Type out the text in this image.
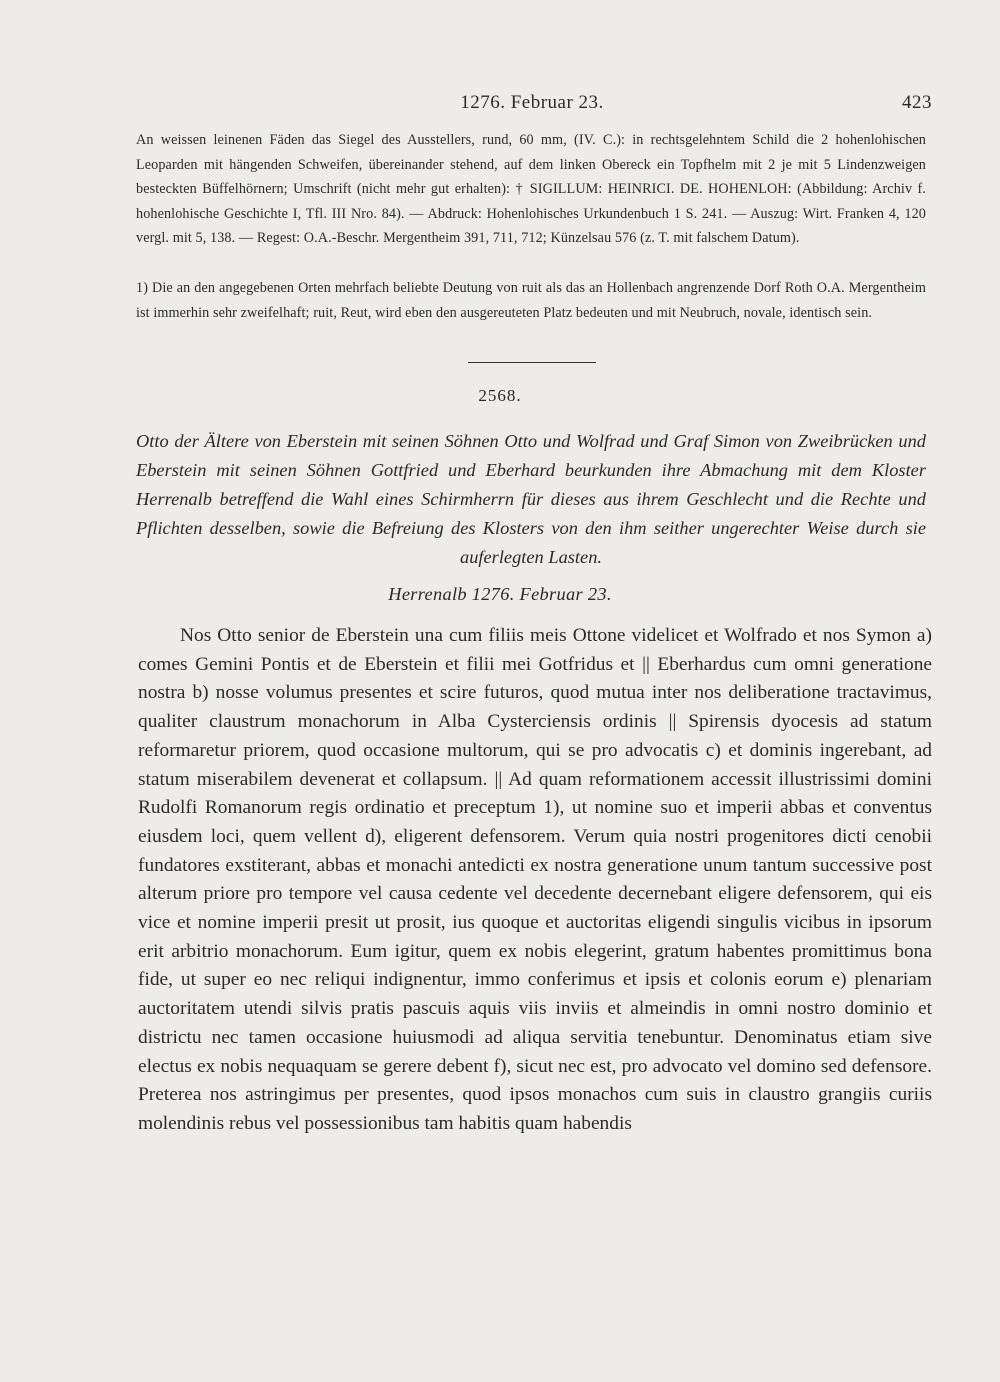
1276. Februar 23.	423

An weissen leinenen Fäden das Siegel des Ausstellers, rund, 60 mm, (IV. C.): in rechtsgelehntem Schild die 2 hohenlohischen Leoparden mit hängenden Schweifen, übereinander stehend, auf dem linken Obereck ein Topfhelm mit 2 je mit 5 Lindenzweigen besteckten Büffelhörnern; Umschrift (nicht mehr gut erhalten): † SIGILLUM: HEINRICI. DE. HOHENLOH: (Abbildung: Archiv f. hohenlohische Geschichte I, Tfl. III Nro. 84). — Abdruck: Hohenlohisches Urkundenbuch 1 S. 241. — Auszug: Wirt. Franken 4, 120 vergl. mit 5, 138. — Regest: O.A.-Beschr. Mergentheim 391, 711, 712; Künzelsau 576 (z. T. mit falschem Datum).

1) Die an den angegebenen Orten mehrfach beliebte Deutung von ruit als das an Hollenbach angrenzende Dorf Roth O.A. Mergentheim ist immerhin sehr zweifelhaft; ruit, Reut, wird eben den ausgereuteten Platz bedeuten und mit Neubruch, novale, identisch sein.

2568.
Otto der Ältere von Eberstein mit seinen Söhnen Otto und Wolfrad und Graf Simon von Zweibrücken und Eberstein mit seinen Söhnen Gottfried und Eberhard beurkunden ihre Abmachung mit dem Kloster Herrenalb betreffend die Wahl eines Schirmherrn für dieses aus ihrem Geschlecht und die Rechte und Pflichten desselben, sowie die Befreiung des Klosters von den ihm seither ungerechter Weise durch sie auferlegten Lasten.
Herrenalb 1276. Februar 23.

Nos Otto senior de Eberstein una cum filiis meis Ottone videlicet et Wolfrado et nos Symon a) comes Gemini Pontis et de Eberstein et filii mei Gotfridus et || Eberhardus cum omni generatione nostra b) nosse volumus presentes et scire futuros, quod mutua inter nos deliberatione tractavimus, qualiter claustrum monachorum in Alba Cysterciensis ordinis || Spirensis dyocesis ad statum reformaretur priorem, quod occasione multorum, qui se pro advocatis c) et dominis ingerebant, ad statum miserabilem devenerat et collapsum. || Ad quam reformationem accessit illustrissimi domini Rudolfi Romanorum regis ordinatio et preceptum 1), ut nomine suo et imperii abbas et conventus eiusdem loci, quem vellent d), eligerent defensorem. Verum quia nostri progenitores dicti cenobii fundatores exstiterant, abbas et monachi antedicti ex nostra generatione unum tantum successive post alterum priore pro tempore vel causa cedente vel decedente decernebant eligere defensorem, qui eis vice et nomine imperii presit ut prosit, ius quoque et auctoritas eligendi singulis vicibus in ipsorum erit arbitrio monachorum. Eum igitur, quem ex nobis elegerint, gratum habentes promittimus bona fide, ut super eo nec reliqui indignentur, immo conferimus et ipsis et colonis eorum e) plenariam auctoritatem utendi silvis pratis pascuis aquis viis inviis et almeindis in omni nostro dominio et districtu nec tamen occasione huiusmodi ad aliqua servitia tenebuntur. Denominatus etiam sive electus ex nobis nequaquam se gerere debent f), sicut nec est, pro advocato vel domino sed defensore. Preterea nos astringimus per presentes, quod ipsos monachos cum suis in claustro grangiis curiis molendinis rebus vel possessionibus tam habitis quam habendis
